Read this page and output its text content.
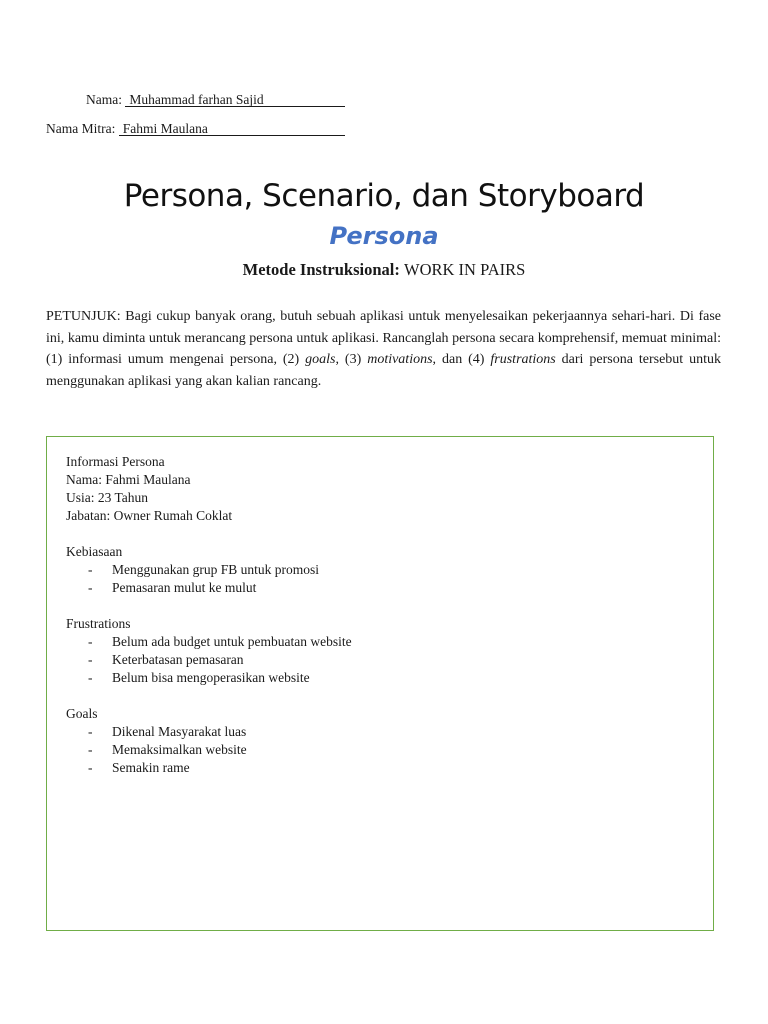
Nama: Muhammad farhan Sajid
Nama Mitra: Fahmi Maulana
Persona, Scenario, dan Storyboard
Persona

Metode Instruksional: WORK IN PAIRS

PETUNJUK: Bagi cukup banyak orang, butuh sebuah aplikasi untuk menyelesaikan pekerjaannya sehari-hari. Di fase ini, kamu diminta untuk merancang persona untuk aplikasi. Rancanglah persona secara komprehensif, memuat minimal: (1) informasi umum mengenai persona, (2) goals, (3) motivations, dan (4) frustrations dari persona tersebut untuk menggunakan aplikasi yang akan kalian rancang.

Informasi Persona
Nama: Fahmi Maulana
Usia: 23 Tahun
Jabatan: Owner Rumah Coklat
Kebiasaan
- Menggunakan grup FB untuk promosi
- Pemasaran mulut ke mulut
Frustrations
- Belum ada budget untuk pembuatan website
- Keterbatasan pemasaran
- Belum bisa mengoperasikan website
Goals
- Dikenal Masyarakat luas
- Memaksimalkan website
- Semakin rame
